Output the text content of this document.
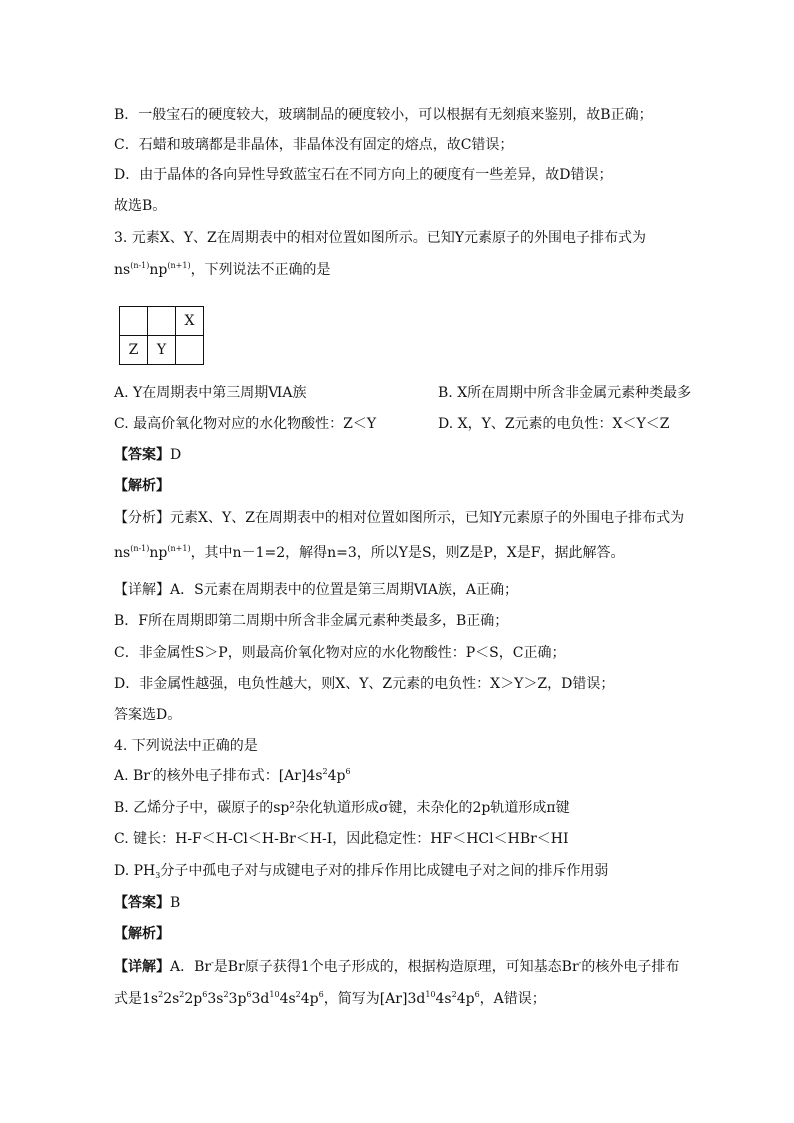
B．一般宝石的硬度较大，玻璃制品的硬度较小，可以根据有无刻痕来鉴别，故B正确；
C．石蜡和玻璃都是非晶体，非晶体没有固定的熔点，故C错误；
D．由于晶体的各向异性导致蓝宝石在不同方向上的硬度有一些差异，故D错误；
故选B。
3. 元素X、Y、Z在周期表中的相对位置如图所示。已知Y元素原子的外围电子排布式为
$ns^{(n-1)}np^{(n+1)}$，下列说法不正确的是
		X
Z	Y	
A. Y在周期表中第三周期ⅥA族	B. X所在周期中所含非金属元素种类最多
C. 最高价氧化物对应的水化物酸性：Z＜Y	D. X，Y、Z元素的电负性：X＜Y＜Z
【答案】D
【解析】
【分析】元素X、Y、Z在周期表中的相对位置如图所示，已知Y元素原子的外围电子排布式为
$ns^{(n-1)}np^{(n+1)}$，其中n－1=2，解得n=3，所以Y是S，则Z是P，X是F，据此解答。
【详解】A．S元素在周期表中的位置是第三周期ⅥA族，A正确；
B．F所在周期即第二周期中所含非金属元素种类最多，B正确；
C．非金属性S＞P，则最高价氧化物对应的水化物酸性：P＜S，C正确；
D．非金属性越强，电负性越大，则X、Y、Z元素的电负性：X＞Y＞Z，D错误；
答案选D。
4. 下列说法中正确的是
A. Br-的核外电子排布式：$[Ar]4s^24p^6$
B. 乙烯分子中，碳原子的sp²杂化轨道形成σ键，未杂化的2p轨道形成π键
C. 键长：H-F＜H-Cl＜H-Br＜H-I，因此稳定性：HF＜HCl＜HBr＜HI
D. $PH_3$分子中孤电子对与成键电子对的排斥作用比成键电子对之间的排斥作用弱
【答案】B
【解析】
【详解】A．Br-是Br原子获得1个电子形成的，根据构造原理，可知基态Br-的核外电子排布
式是$1s^22s^22p^63s^23p^63d^{10}4s^24p^6$，简写为$[Ar]3d^{10}4s^24p^6$，A错误；
